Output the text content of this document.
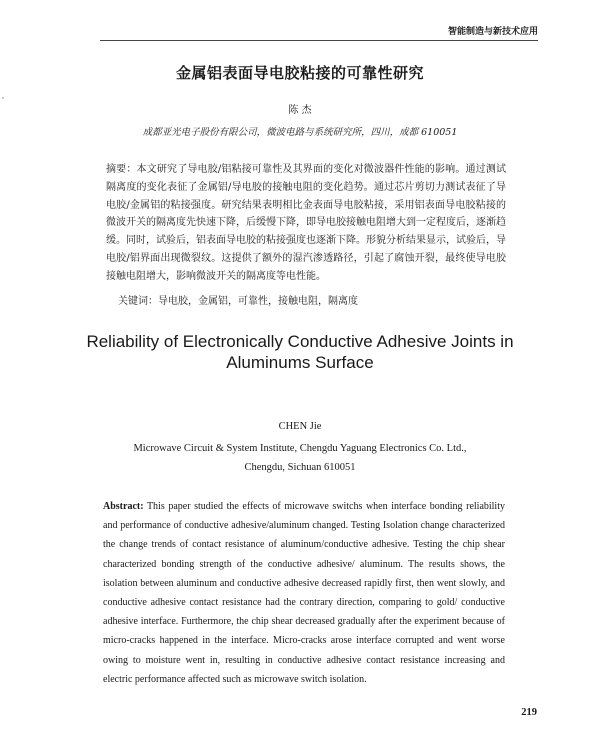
智能制造与新技术应用
金属铝表面导电胶粘接的可靠性研究
陈 杰
成都亚光电子股份有限公司，微波电路与系统研究所，四川，成都 610051
摘要：本文研究了导电胶/铝粘接可靠性及其界面的变化对微波器件性能的影响。通过测试隔离度的变化表征了金属铝/导电胶的接触电阻的变化趋势。通过芯片剪切力测试表征了导电胶/金属铝的粘接强度。研究结果表明相比金表面导电胶粘接，采用铝表面导电胶粘接的微波开关的隔离度先快速下降，后缓慢下降，即导电胶接触电阻增大到一定程度后，逐渐趋缓。同时，试验后，铝表面导电胶的粘接强度也逐渐下降。形貌分析结果显示，试验后，导电胶/铝界面出现微裂纹。这提供了额外的湿汽渗透路径，引起了腐蚀开裂，最终使导电胶接触电阻增大，影响微波开关的隔离度等电性能。
关键词：导电胶，金属铝，可靠性，接触电阻，隔离度
Reliability of Electronically Conductive Adhesive Joints in Aluminums Surface
CHEN Jie
Microwave Circuit & System Institute, Chengdu Yaguang Electronics Co. Ltd., Chengdu, Sichuan 610051
Abstract: This paper studied the effects of microwave switchs when interface bonding reliability and performance of conductive adhesive/aluminum changed. Testing Isolation change characterized the change trends of contact resistance of aluminum/conductive adhesive. Testing the chip shear characterized bonding strength of the conductive adhesive/ aluminum. The results shows, the isolation between aluminum and conductive adhesive decreased rapidly first, then went slowly, and conductive adhesive contact resistance had the contrary direction, comparing to gold/ conductive adhesive interface. Furthermore, the chip shear decreased gradually after the experiment because of micro-cracks happened in the interface. Micro-cracks arose interface corrupted and went worse owing to moisture went in, resulting in conductive adhesive contact resistance increasing and electric performance affected such as microwave switch isolation.
219
